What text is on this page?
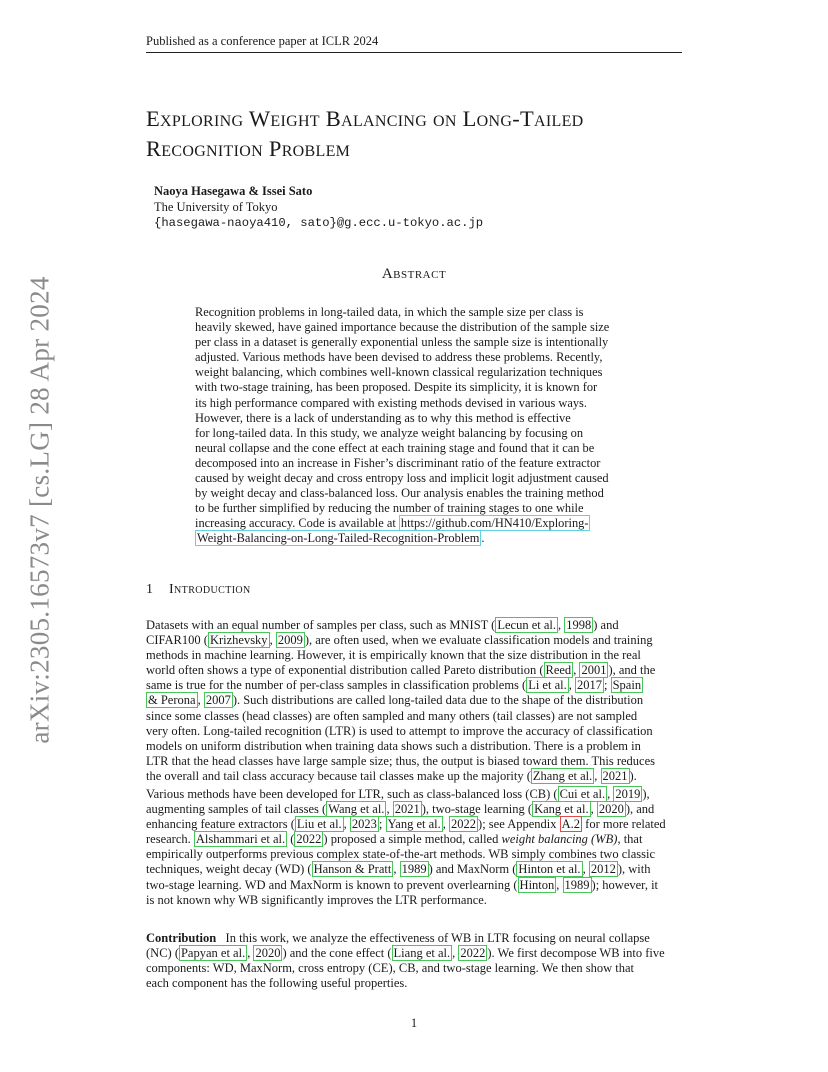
Published as a conference paper at ICLR 2024
arXiv:2305.16573v7 [cs.LG] 28 Apr 2024
Exploring Weight Balancing on Long-Tailed
Recognition Problem
Naoya Hasegawa & Issei Sato
The University of Tokyo
{hasegawa-naoya410, sato}@g.ecc.u-tokyo.ac.jp
Abstract
Recognition problems in long-tailed data, in which the sample size per class is
heavily skewed, have gained importance because the distribution of the sample size
per class in a dataset is generally exponential unless the sample size is intentionally
adjusted. Various methods have been devised to address these problems. Recently,
weight balancing, which combines well-known classical regularization techniques
with two-stage training, has been proposed. Despite its simplicity, it is known for
its high performance compared with existing methods devised in various ways.
However, there is a lack of understanding as to why this method is effective
for long-tailed data. In this study, we analyze weight balancing by focusing on
neural collapse and the cone effect at each training stage and found that it can be
decomposed into an increase in Fisher’s discriminant ratio of the feature extractor
caused by weight decay and cross entropy loss and implicit logit adjustment caused
by weight decay and class-balanced loss. Our analysis enables the training method
to be further simplified by reducing the number of training stages to one while
increasing accuracy. Code is available at https://github.com/HN410/Exploring-
Weight-Balancing-on-Long-Tailed-Recognition-Problem .
1 Introduction
Datasets with an equal number of samples per class, such as MNIST ( Lecun et al. , 1998 ) and
CIFAR100 ( Krizhevsky , 2009 ), are often used, when we evaluate classification models and training
methods in machine learning. However, it is empirically known that the size distribution in the real
world often shows a type of exponential distribution called Pareto distribution ( Reed , 2001 ), and the
same is true for the number of per-class samples in classification problems ( Li et al. , 2017 ; Spain
& Perona , 2007 ). Such distributions are called long-tailed data due to the shape of the distribution
since some classes (head classes) are often sampled and many others (tail classes) are not sampled
very often. Long-tailed recognition (LTR) is used to attempt to improve the accuracy of classification
models on uniform distribution when training data shows such a distribution. There is a problem in
LTR that the head classes have large sample size; thus, the output is biased toward them. This reduces
the overall and tail class accuracy because tail classes make up the majority ( Zhang et al. , 2021 ).
Various methods have been developed for LTR, such as class-balanced loss (CB) ( Cui et al. , 2019 ),
augmenting samples of tail classes ( Wang et al. , 2021 ), two-stage learning ( Kang et al. , 2020 ), and
enhancing feature extractors ( Liu et al. , 2023 ; Yang et al. , 2022 ); see Appendix A.2 for more related
research. Alshammari et al. ( 2022 ) proposed a simple method, called weight balancing (WB), that
empirically outperforms previous complex state-of-the-art methods. WB simply combines two classic
techniques, weight decay (WD) ( Hanson & Pratt , 1989 ) and MaxNorm ( Hinton et al. , 2012 ), with
two-stage learning. WD and MaxNorm is known to prevent overlearning ( Hinton , 1989 ); however, it
is not known why WB significantly improves the LTR performance.
Contribution In this work, we analyze the effectiveness of WB in LTR focusing on neural collapse
(NC) ( Papyan et al. , 2020 ) and the cone effect ( Liang et al. , 2022 ). We first decompose WB into five
components: WD, MaxNorm, cross entropy (CE), CB, and two-stage learning. We then show that
each component has the following useful properties.
1
